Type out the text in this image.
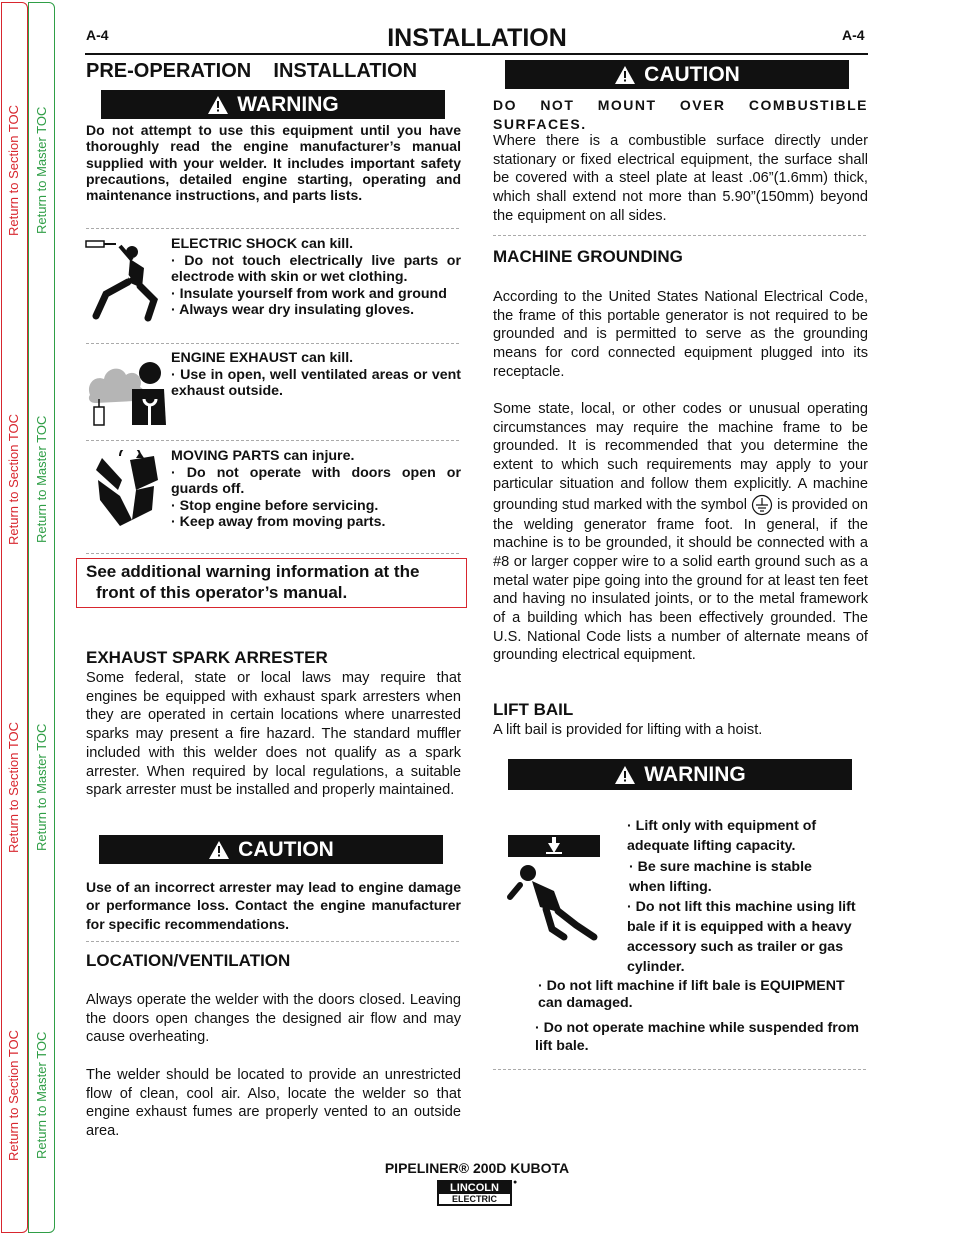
Return to Section TOC
Return to Section TOC
Return to Section TOC
Return to Section TOC
Return to Master TOC
Return to Master TOC
Return to Master TOC
Return to Master TOC
A-4	A-4
INSTALLATION
PRE-OPERATION    INSTALLATION
WARNING
Do not attempt to use this equipment until you have thoroughly read the engine manufacturer’s manual supplied with your welder. It includes important safety precautions, detailed engine starting, operating and maintenance instructions, and parts lists.
ELECTRIC SHOCK can kill.
· Do not touch electrically live parts or electrode with skin or wet clothing.
· Insulate yourself from work and ground
· Always wear dry insulating gloves.
ENGINE EXHAUST can kill.
· Use in open, well ventilated areas or vent exhaust outside.
MOVING PARTS can injure.
· Do not operate with doors open or guards off.
· Stop engine before servicing.
· Keep away from moving parts.
See additional warning information at the
front of this operator’s manual.
EXHAUST SPARK ARRESTER
Some federal, state or local laws may require that engines be equipped with exhaust spark arresters when they are operated in certain locations where unarrested sparks may present a fire hazard. The standard muffler included with this welder does not qualify as a spark arrester. When required by local regulations, a suitable spark arrester must be installed and properly maintained.
CAUTION
Use of an incorrect arrester may lead to engine damage or performance loss. Contact the engine manufacturer for specific recommendations.
LOCATION/VENTILATION
Always operate the welder with the doors closed. Leaving the doors open changes the designed air flow and may cause overheating.
The welder should be located to provide an unrestricted flow of clean, cool air. Also, locate the welder so that engine exhaust fumes are properly vented to an outside area.
CAUTION
DO NOT MOUNT OVER COMBUSTIBLE SURFACES.
Where there is a combustible surface directly under stationary or fixed electrical equipment, the surface shall be covered with a steel plate at least .06”(1.6mm) thick, which shall extend not more than 5.90”(150mm) beyond the equipment on all sides.
MACHINE GROUNDING
According to the United States National Electrical Code, the frame of this portable generator is not required to be grounded and is permitted to serve as the grounding means for cord connected equipment plugged into its receptacle.
Some state, local, or other codes or unusual operating circumstances may require the machine frame to be grounded. It is recommended that you determine the extent to which such requirements may apply to your particular situation and follow them explicitly. A machine grounding stud marked with the symbol is provided on the welding generator frame foot. In general, if the machine is to be grounded, it should be connected with a #8 or larger copper wire to a solid earth ground such as a metal water pipe going into the ground for at least ten feet and having no insulated joints, or to the metal framework of a building which has been effectively grounded. The U.S. National Code lists a number of alternate means of grounding electrical equipment.
LIFT BAIL
A lift bail is provided for lifting with a hoist.
WARNING
· Lift only with equipment of adequate lifting capacity.
· Be sure machine is stable when lifting.
· Do not lift this machine using lift bale if it is equipped with a heavy accessory such as trailer or gas cylinder.
· Do not lift machine if lift bale is EQUIPMENT can damaged.
· Do not operate machine while suspended from lift bale.
PIPELINER® 200D KUBOTA
LINCOLN
ELECTRIC
●
